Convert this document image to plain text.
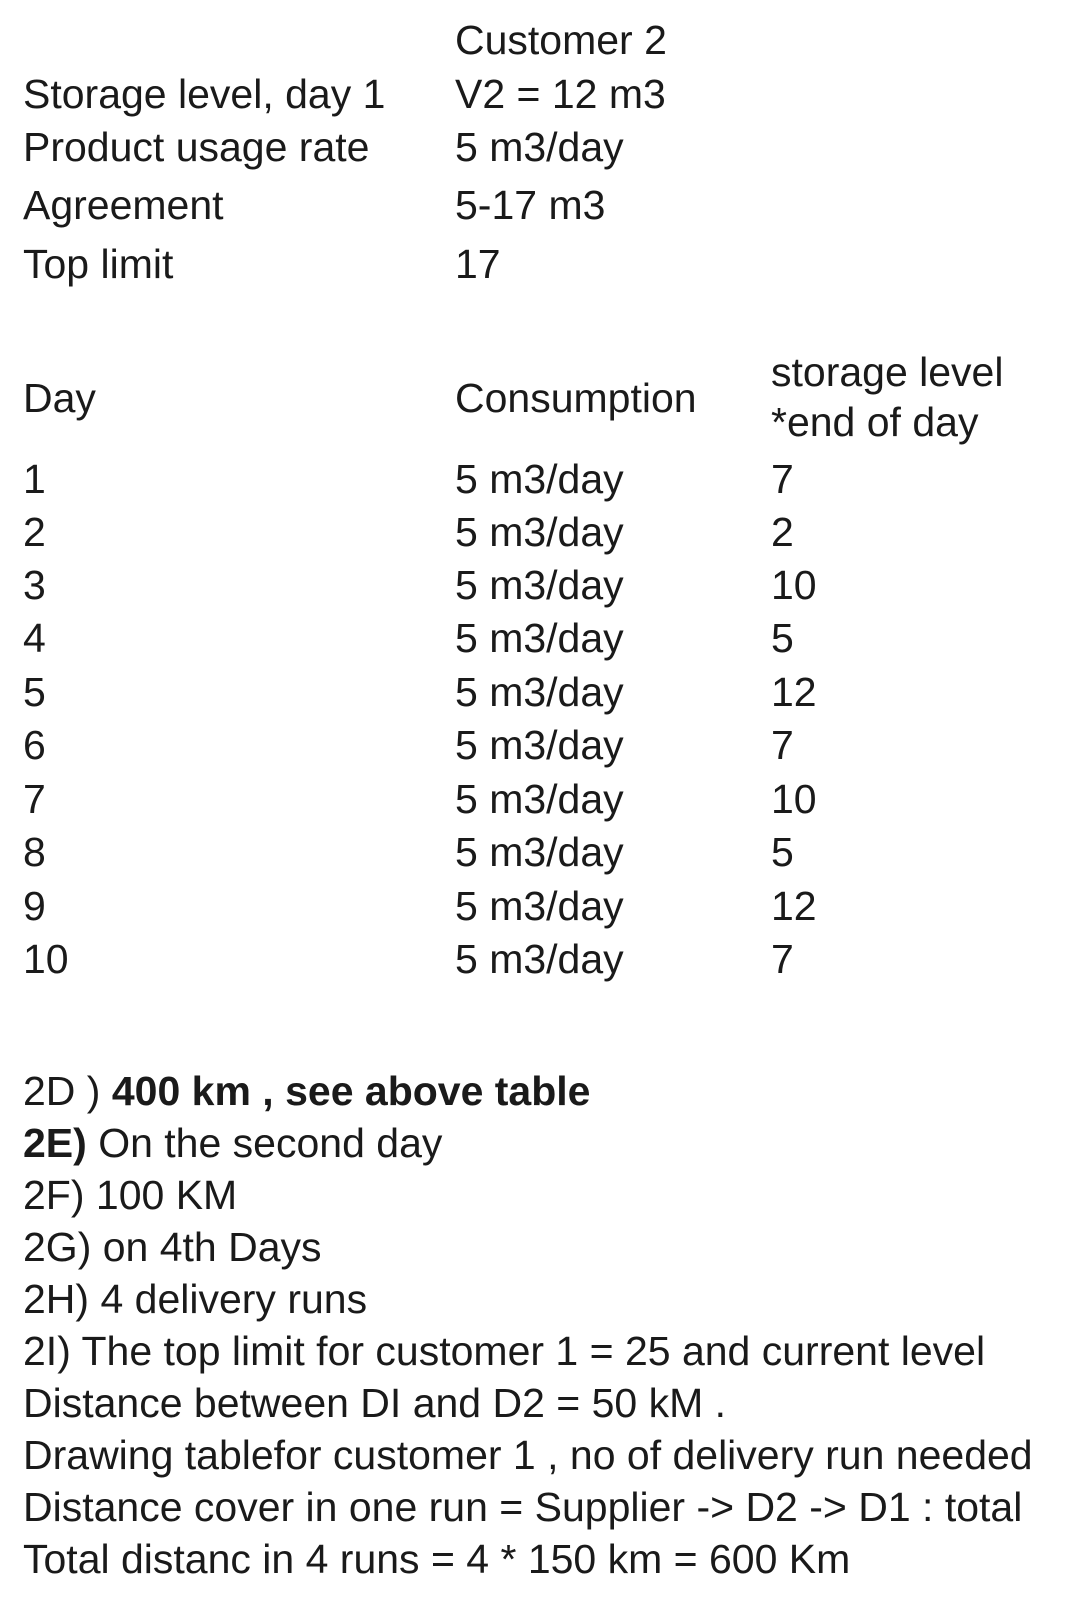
Customer 2
Storage level, day 1 V2 = 12 m3
Product usage rate 5 m3/day
Agreement	5-17 m3
Top limit	17
Day	Consumption
storage level
*end of day
1	5 m3/day	7
2	5 m3/day	2
3	5 m3/day	10
4	5 m3/day	5
5	5 m3/day	12
6	5 m3/day	7
7	5 m3/day	10
8	5 m3/day	5
9	5 m3/day	12
10	5 m3/day	7
2D ) 400 km , see above table
2E) On the second day
2F) 100 KM
2G) on 4th Days
2H) 4 delivery runs
2I) The top limit for customer 1 = 25 and current level
Distance between DI and D2 = 50 kM .
Drawing tablefor customer 1 , no of delivery run needed
Distance cover in one run = Supplier -> D2 -> D1 : total
Total distanc in 4 runs = 4 * 150 km = 600 Km
